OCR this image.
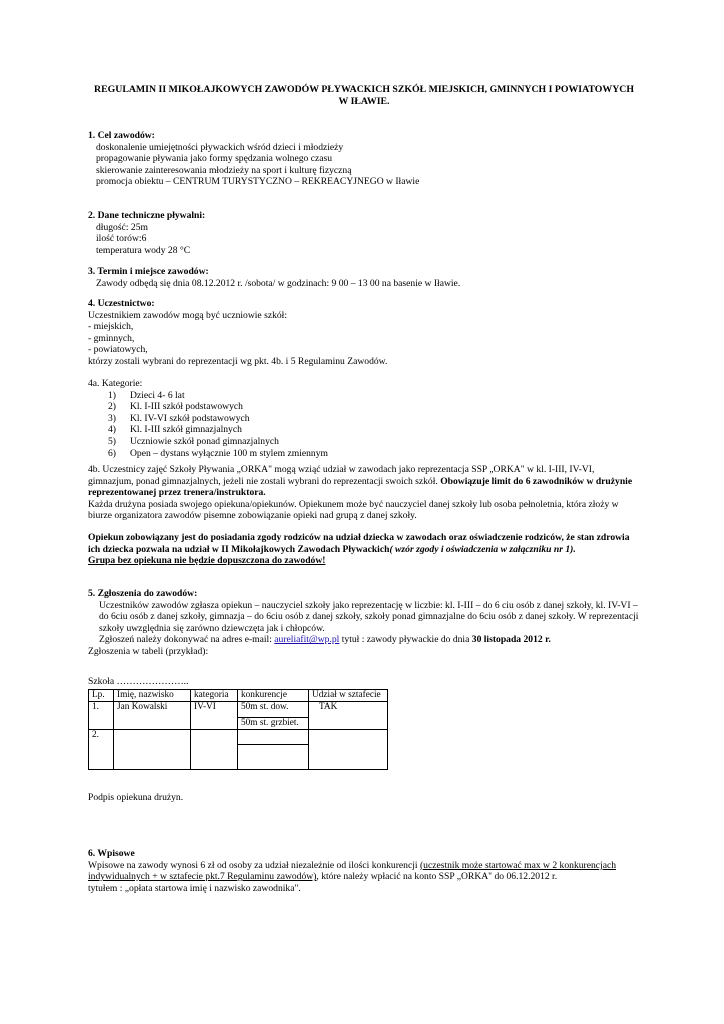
REGULAMIN II MIKOŁAJKOWYCH ZAWODÓW PŁYWACKICH SZKÓŁ MIEJSKICH, GMINNYCH I POWIATOWYCH W IŁAWIE.

1. Cel zawodów:

doskonalenie umiejętności pływackich wśród dzieci i młodzieży

propagowanie pływania jako formy spędzania wolnego czasu

skierowanie zainteresowania młodzieży na sport i kulturę fizyczną

promocja obiektu – CENTRUM TURYSTYCZNO – REKREACYJNEGO w Iławie

2. Dane techniczne pływalni:

długość: 25m

ilość torów:6

temperatura wody 28 °C

3. Termin i miejsce zawodów:

Zawody odbędą się dnia 08.12.2012 r. /sobota/ w godzinach: 9 00 – 13 00 na basenie w Iławie.

4. Uczestnictwo:

Uczestnikiem zawodów mogą być uczniowie szkół:

- miejskich,

- gminnych,

- powiatowych,

którzy zostali wybrani do reprezentacji wg pkt. 4b. i 5 Regulaminu Zawodów.

4a. Kategorie:

1)	Dzieci 4- 6 lat
2)	Kl. I-III szkół podstawowych
3)	Kl. IV-VI szkół podstawowych
4)	Kl. I-III szkół gimnazjalnych
5)	Uczniowie szkół ponad gimnazjalnych
6)	Open – dystans wyłącznie 100 m stylem zmiennym

4b. Uczestnicy zajęć Szkoły Pływania „ORKA" mogą wziąć udział w zawodach jako reprezentacja SSP „ORKA" w kl. I-III, IV-VI, gimnazjum, ponad gimnazjalnych, jeżeli nie zostali wybrani do reprezentacji swoich szkół. Obowiązuje limit do 6 zawodników w drużynie reprezentowanej przez trenera/instruktora.

Każda drużyna posiada swojego opiekuna/opiekunów. Opiekunem może być nauczyciel danej szkoły lub osoba pełnoletnia, która złoży w biurze organizatora zawodów pisemne zobowiązanie opieki nad grupą z danej szkoły.

Opiekun zobowiązany jest do posiadania zgody rodziców na udział dziecka w zawodach oraz oświadczenie rodziców, że stan zdrowia ich dziecka pozwala na udział w II Mikołajkowych Zawodach Pływackich( wzór zgody i oświadczenia w załączniku nr 1).

Grupa bez opiekuna nie będzie dopuszczona do zawodów!

5. Zgłoszenia do zawodów:

Uczestników zawodów zgłasza opiekun – nauczyciel szkoły jako reprezentację w liczbie: kl. I-III – do 6 ciu osób z danej szkoły, kl. IV-VI – do 6ciu osób z danej szkoły, gimnazja – do 6ciu osób z danej szkoły, szkoły ponad gimnazjalne do 6ciu osób z danej szkoły. W reprezentacji szkoły uwzględnia się zarówno dziewczęta jak i chłopców.

Zgłoszeń należy dokonywać na adres e-mail: aureliafit@wp.pl tytuł : zawody pływackie do dnia 30 listopada 2012 r.

Zgłoszenia w tabeli (przykład):

Szkoła …………………..

Lp.	Imię, nazwisko	kategoria	konkurencje	Udział w sztafecie
1.	Jan Kowalski	IV-VI	50m st. dow.	TAK
			50m st. grzbiet.	
2.				

Podpis opiekuna drużyn.

6. Wpisowe

Wpisowe na zawody wynosi 6 zł od osoby za udział niezależnie od ilości konkurencji (uczestnik może startować max w 2 konkurencjach indywidualnych + w sztafecie pkt.7 Regulaminu zawodów), które należy wpłacić na konto SSP „ORKA" do 06.12.2012 r.

tytułem : „opłata startowa imię i nazwisko zawodnika".
